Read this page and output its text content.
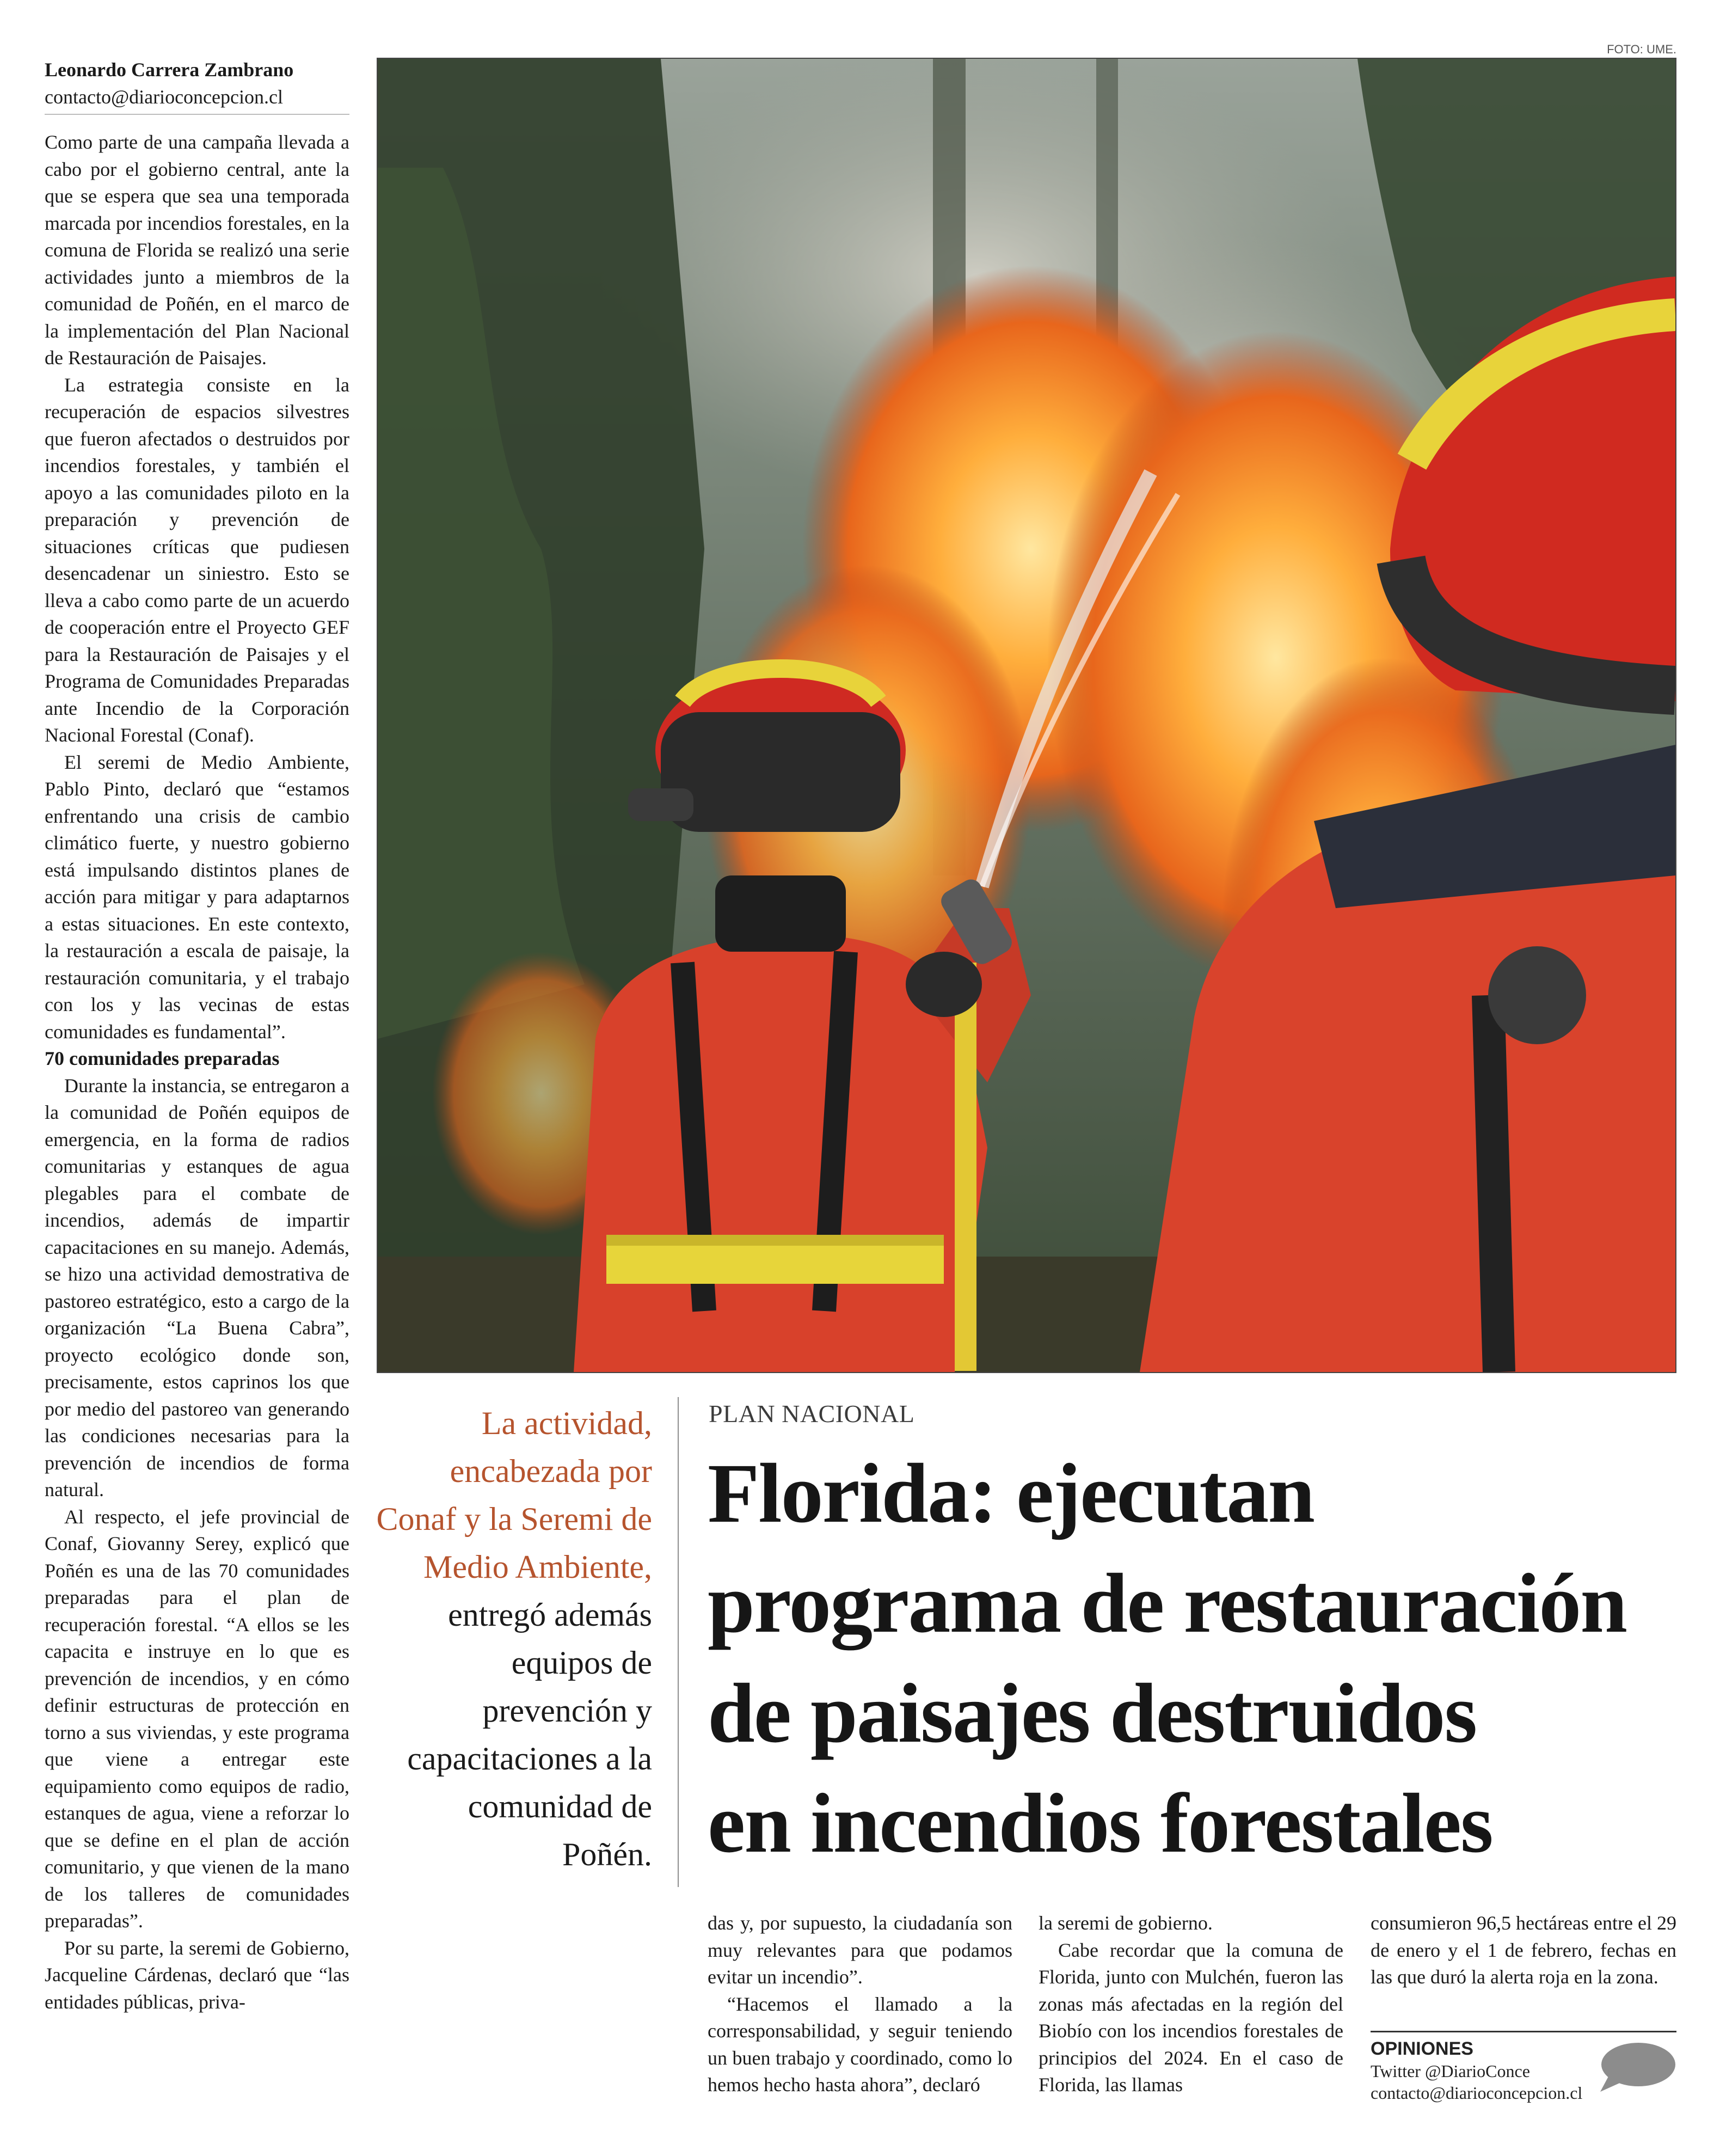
Leonardo Carrera Zambrano

contacto@diarioconcepcion.cl

Como parte de una campaña llevada a cabo por el gobierno central, ante la que se espera que sea una temporada marcada por incendios forestales, en la comuna de Florida se realizó una serie actividades junto a miembros de la comunidad de Poñén, en el marco de la implementación del Plan Nacional de Restauración de Paisajes.

La estrategia consiste en la recuperación de espacios silvestres que fueron afectados o destruidos por incendios forestales, y también el apoyo a las comunidades piloto en la preparación y prevención de situaciones críticas que pudiesen desencadenar un siniestro. Esto se lleva a cabo como parte de un acuerdo de cooperación entre el Proyecto GEF para la Restauración de Paisajes y el Programa de Comunidades Preparadas ante Incendio de la Corporación Nacional Forestal (Conaf).

El seremi de Medio Ambiente, Pablo Pinto, declaró que “estamos enfrentando una crisis de cambio climático fuerte, y nuestro gobierno está impulsando distintos planes de acción para mitigar y para adaptarnos a estas situaciones. En este contexto, la restauración a escala de paisaje, la restauración comunitaria, y el trabajo con los y las vecinas de estas comunidades es fundamental”.

70 comunidades preparadas

Durante la instancia, se entregaron a la comunidad de Poñén equipos de emergencia, en la forma de radios comunitarias y estanques de agua plegables para el combate de incendios, además de impartir capacitaciones en su manejo. Además, se hizo una actividad demostrativa de pastoreo estratégico, esto a cargo de la organización “La Buena Cabra”, proyecto ecológico donde son, precisamente, estos caprinos los que por medio del pastoreo van generando las condiciones necesarias para la prevención de incendios de forma natural.

Al respecto, el jefe provincial de Conaf, Giovanny Serey, explicó que Poñén es una de las 70 comunidades preparadas para el plan de recuperación forestal. “A ellos se les capacita e instruye en lo que es prevención de incendios, y en cómo definir estructuras de protección en torno a sus viviendas, y este programa que viene a entregar este equipamiento como equipos de radio, estanques de agua, viene a reforzar lo que se define en el plan de acción comunitario, y que vienen de la mano de los talleres de comunidades preparadas”.

Por su parte, la seremi de Gobierno, Jacqueline Cárdenas, declaró que “las entidades públicas, priva-

FOTO: UME.
La actividad, encabezada por Conaf y la Seremi de Medio Ambiente, entregó además equipos de prevención y capacitaciones a la comunidad de Poñén.
PLAN NACIONAL
Florida: ejecutan
programa de restauración
de paisajes destruidos
en incendios forestales

das y, por supuesto, la ciudadanía son muy relevantes para que podamos evitar un incendio”.

“Hacemos el llamado a la corresponsabilidad, y seguir teniendo un buen trabajo y coordinado, como lo hemos hecho hasta ahora”, declaró

la seremi de gobierno.

Cabe recordar que la comuna de Florida, junto con Mulchén, fueron las zonas más afectadas en la región del Biobío con los incendios forestales de principios del 2024. En el caso de Florida, las llamas

consumieron 96,5 hectáreas entre el 29 de enero y el 1 de febrero, fechas en las que duró la alerta roja en la zona.

OPINIONES
Twitter @DiarioConce
contacto@diarioconcepcion.cl
